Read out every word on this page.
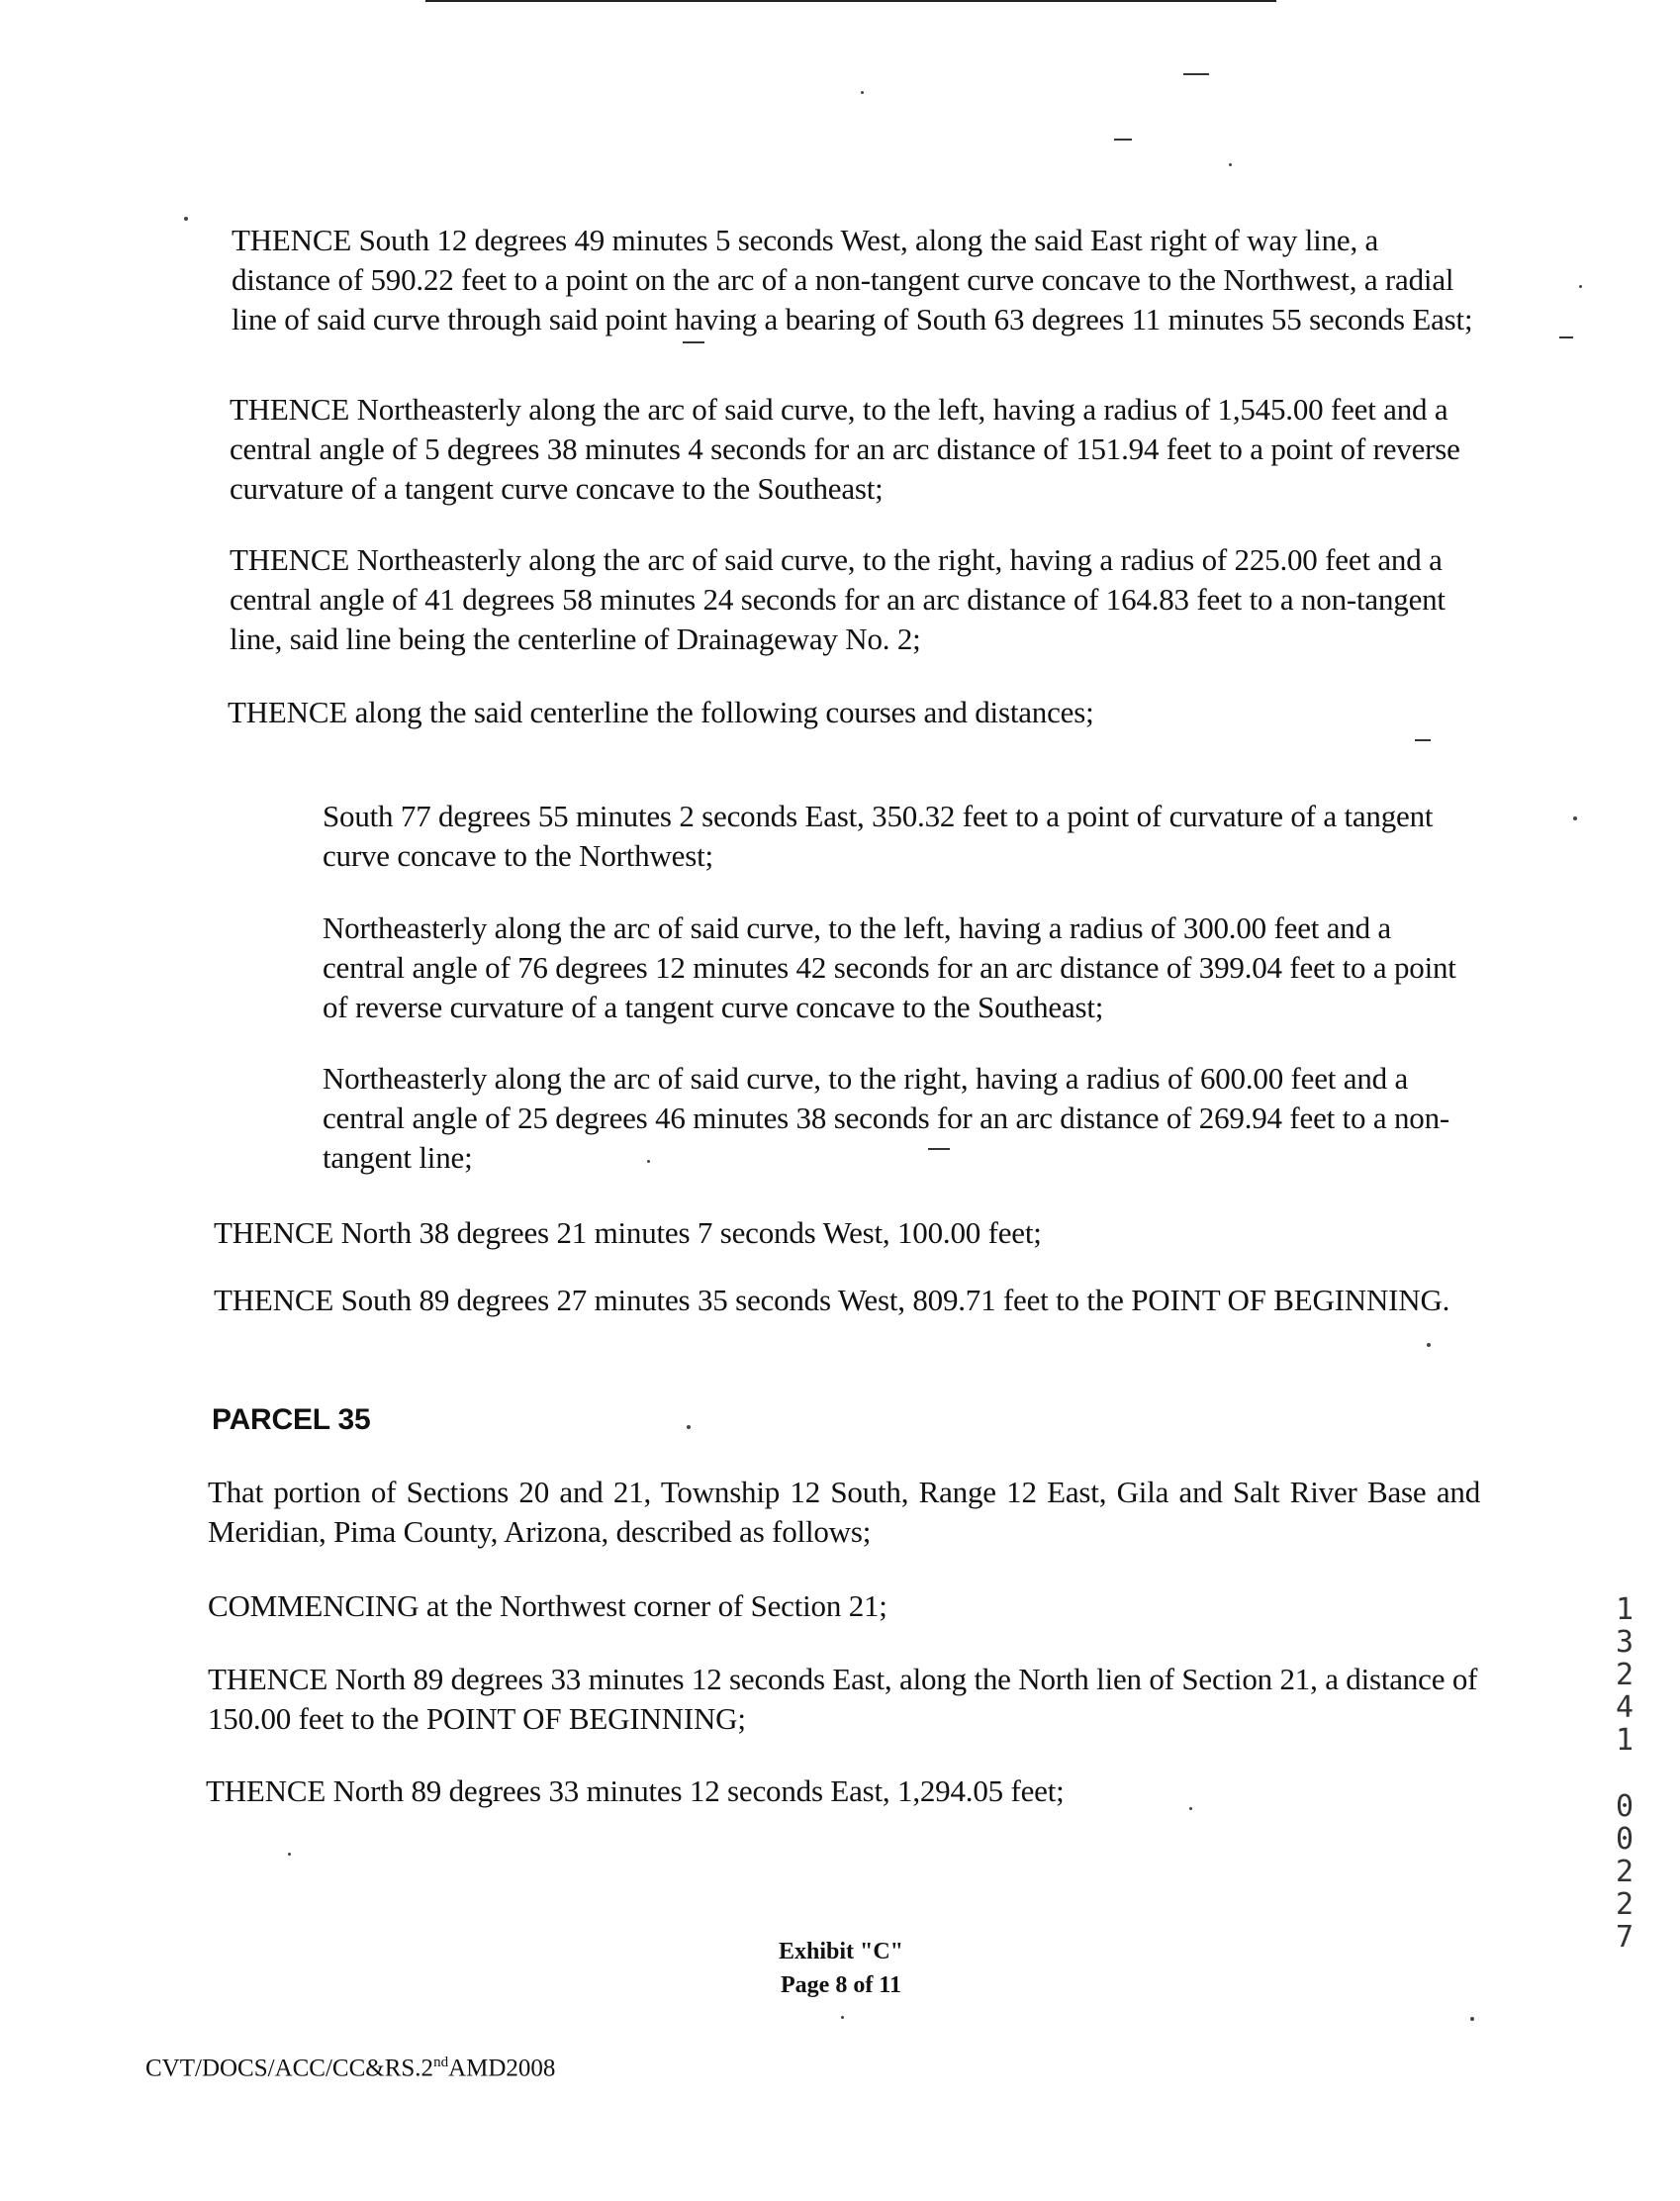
THENCE South 12 degrees 49 minutes 5 seconds West, along the said East right of way line, a distance of 590.22 feet to a point on the arc of a non-tangent curve concave to the Northwest, a radial line of said curve through said point having a bearing of South 63 degrees 11 minutes 55 seconds East;

THENCE Northeasterly along the arc of said curve, to the left, having a radius of 1,545.00 feet and a central angle of 5 degrees 38 minutes 4 seconds for an arc distance of 151.94 feet to a point of reverse curvature of a tangent curve concave to the Southeast;

THENCE Northeasterly along the arc of said curve, to the right, having a radius of 225.00 feet and a central angle of 41 degrees 58 minutes 24 seconds for an arc distance of 164.83 feet to a non-tangent line, said line being the centerline of Drainageway No. 2;

THENCE along the said centerline the following courses and distances;

South 77 degrees 55 minutes 2 seconds East, 350.32 feet to a point of curvature of a tangent curve concave to the Northwest;

Northeasterly along the arc of said curve, to the left, having a radius of 300.00 feet and a central angle of 76 degrees 12 minutes 42 seconds for an arc distance of 399.04 feet to a point of reverse curvature of a tangent curve concave to the Southeast;

Northeasterly along the arc of said curve, to the right, having a radius of 600.00 feet and a central angle of 25 degrees 46 minutes 38 seconds for an arc distance of 269.94 feet to a non-tangent line;

THENCE North 38 degrees 21 minutes 7 seconds West, 100.00 feet;

THENCE South 89 degrees 27 minutes 35 seconds West, 809.71 feet to the POINT OF BEGINNING.

PARCEL 35

That portion of Sections 20 and 21, Township 12 South, Range 12 East, Gila and Salt River Base and Meridian, Pima County, Arizona, described as follows;

COMMENCING at the Northwest corner of Section 21;

THENCE North 89 degrees 33 minutes 12 seconds East, along the North lien of Section 21, a distance of 150.00 feet to the POINT OF BEGINNING;

THENCE North 89 degrees 33 minutes 12 seconds East, 1,294.05 feet;

Exhibit "C"
Page 8 of 11
CVT/DOCS/ACC/CC&RS.2ndAMD2008
1
3
2
4
1
0
0
2
2
7
